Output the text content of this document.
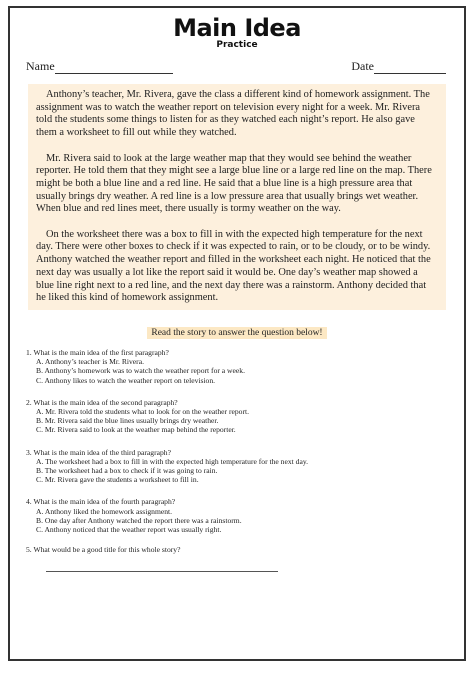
Main Idea
Practice
Name	Date

Anthony’s teacher, Mr. Rivera, gave the class a different kind of homework assignment. The assignment was to watch the weather report on television every night for a week. Mr. Rivera told the students some things to listen for as they watched each night’s report. He also gave them a worksheet to fill out while they watched.

Mr. Rivera said to look at the large weather map that they would see behind the weather reporter. He told them that they might see a large blue line or a large red line on the map. There might be both a blue line and a red line. He said that a blue line is a high pressure area that usually brings dry weather. A red line is a low pressure area that usually brings wet weather. When blue and red lines meet, there usually is tormy weather on the way.

On the worksheet there was a box to fill in with the expected high temperature for the next day. There were other boxes to check if it was expected to rain, or to be cloudy, or to be windy. Anthony watched the weather report and filled in the worksheet each night. He noticed that the next day was usually a lot like the report said it would be. One day’s weather map showed a blue line right next to a red line, and the next day there was a rainstorm. Anthony decided that he liked this kind of homework assignment.

Read the story to answer the question below!
1. What is the main idea of the first paragraph?
A. Anthony’s teacher is Mr. Rivera.
B. Anthony’s homework was to watch the weather report for a week.
C. Anthony likes to watch the weather report on television.
2. What is the main idea of the second paragraph?
A. Mr. Rivera told the students what to look for on the weather report.
B. Mr. Rivera said the blue lines usually brings dry weather.
C. Mr. Rivera said to look at the weather map behind the reporter.
3. What is the main idea of the third paragraph?
A. The worksheet had a box to fill in with the expected high temperature for the next day.
B. The worksheet had a box to check if it was going to rain.
C. Mr. Rivera gave the students a worksheet to fill in.
4. What is the main idea of the fourth paragraph?
A. Anthony liked the homework assignment.
B. One day after Anthony watched the report there was a rainstorm.
C. Anthony noticed that the weather report was usually right.
5. What would be a good title for this whole story?
